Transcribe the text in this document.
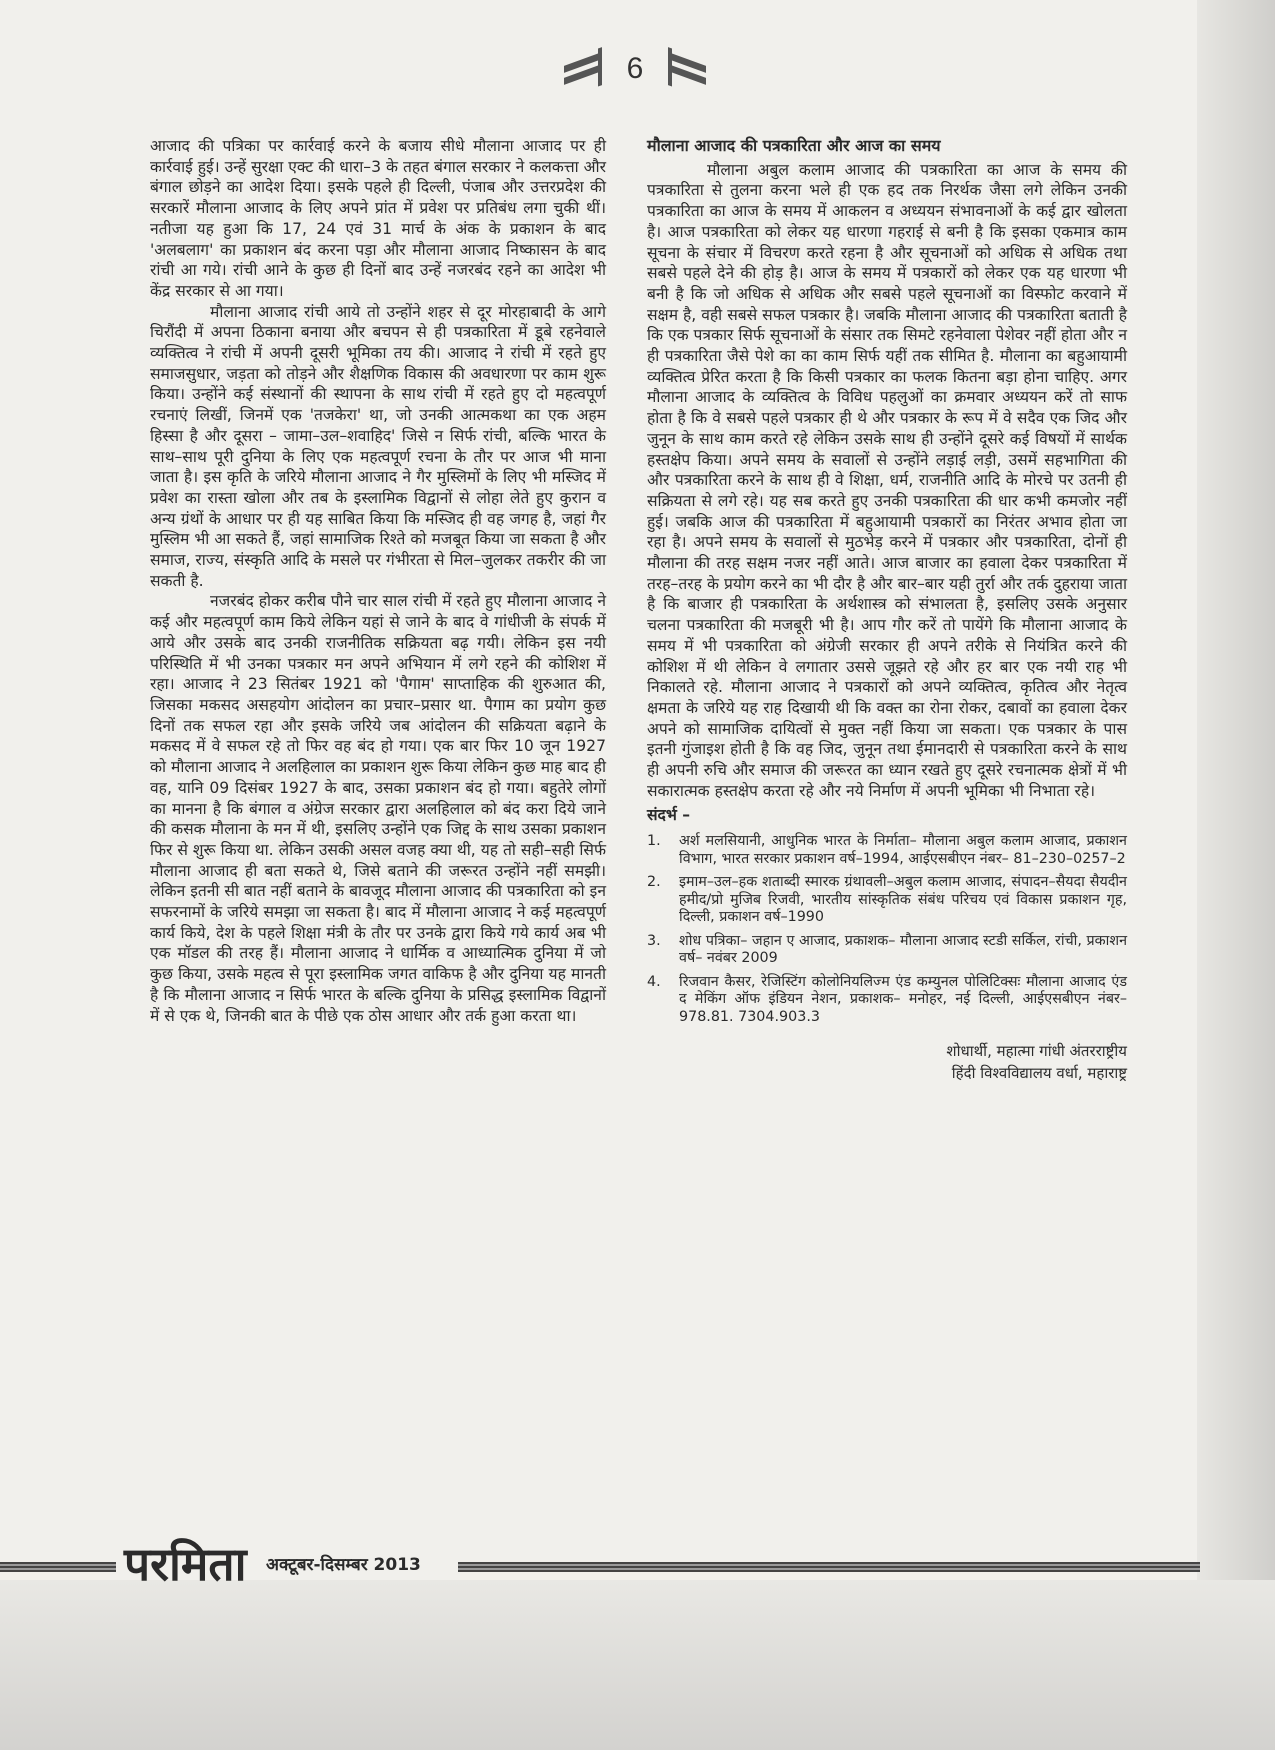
6

आजाद की पत्रिका पर कार्रवाई करने के बजाय सीधे मौलाना आजाद पर ही कार्रवाई हुई। उन्हें सुरक्षा एक्ट की धारा–3 के तहत बंगाल सरकार ने कलकत्ता और बंगाल छोड़ने का आदेश दिया। इसके पहले ही दिल्ली, पंजाब और उत्तरप्रदेश की सरकारें मौलाना आजाद के लिए अपने प्रांत में प्रवेश पर प्रतिबंध लगा चुकी थीं। नतीजा यह हुआ कि 17, 24 एवं 31 मार्च के अंक के प्रकाशन के बाद 'अलबलाग' का प्रकाशन बंद करना पड़ा और मौलाना आजाद निष्कासन के बाद रांची आ गये। रांची आने के कुछ ही दिनों बाद उन्हें नजरबंद रहने का आदेश भी केंद्र सरकार से आ गया।

मौलाना आजाद रांची आये तो उन्होंने शहर से दूर मोरहाबादी के आगे चिरौंदी में अपना ठिकाना बनाया और बचपन से ही पत्रकारिता में डूबे रहनेवाले व्यक्तित्व ने रांची में अपनी दूसरी भूमिका तय की। आजाद ने रांची में रहते हुए समाजसुधार, जड़ता को तोड़ने और शैक्षणिक विकास की अवधारणा पर काम शुरू किया। उन्होंने कई संस्थानों की स्थापना के साथ रांची में रहते हुए दो महत्वपूर्ण रचनाएं लिखीं, जिनमें एक 'तजकेरा' था, जो उनकी आत्मकथा का एक अहम हिस्सा है और दूसरा – जामा–उल–शवाहिद' जिसे न सिर्फ रांची, बल्कि भारत के साथ–साथ पूरी दुनिया के लिए एक महत्वपूर्ण रचना के तौर पर आज भी माना जाता है। इस कृति के जरिये मौलाना आजाद ने गैर मुस्लिमों के लिए भी मस्जिद में प्रवेश का रास्ता खोला और तब के इस्लामिक विद्वानों से लोहा लेते हुए कुरान व अन्य ग्रंथों के आधार पर ही यह साबित किया कि मस्जिद ही वह जगह है, जहां गैर मुस्लिम भी आ सकते हैं, जहां सामाजिक रिश्ते को मजबूत किया जा सकता है और समाज, राज्य, संस्कृति आदि के मसले पर गंभीरता से मिल–जुलकर तकरीर की जा सकती है.

नजरबंद होकर करीब पौने चार साल रांची में रहते हुए मौलाना आजाद ने कई और महत्वपूर्ण काम किये लेकिन यहां से जाने के बाद वे गांधीजी के संपर्क में आये और उसके बाद उनकी राजनीतिक सक्रियता बढ़ गयी। लेकिन इस नयी परिस्थिति में भी उनका पत्रकार मन अपने अभियान में लगे रहने की कोशिश में रहा। आजाद ने 23 सितंबर 1921 को 'पैगाम' साप्ताहिक की शुरुआत की, जिसका मकसद असहयोग आंदोलन का प्रचार–प्रसार था. पैगाम का प्रयोग कुछ दिनों तक सफल रहा और इसके जरिये जब आंदोलन की सक्रियता बढ़ाने के मकसद में वे सफल रहे तो फिर वह बंद हो गया। एक बार फिर 10 जून 1927 को मौलाना आजाद ने अलहिलाल का प्रकाशन शुरू किया लेकिन कुछ माह बाद ही वह, यानि 09 दिसंबर 1927 के बाद, उसका प्रकाशन बंद हो गया। बहुतेरे लोगों का मानना है कि बंगाल व अंग्रेज सरकार द्वारा अलहिलाल को बंद करा दिये जाने की कसक मौलाना के मन में थी, इसलिए उन्होंने एक जिद्द के साथ उसका प्रकाशन फिर से शुरू किया था. लेकिन उसकी असल वजह क्या थी, यह तो सही–सही सिर्फ मौलाना आजाद ही बता सकते थे, जिसे बताने की जरूरत उन्होंने नहीं समझी। लेकिन इतनी सी बात नहीं बताने के बावजूद मौलाना आजाद की पत्रकारिता को इन सफरनामों के जरिये समझा जा सकता है। बाद में मौलाना आजाद ने कई महत्वपूर्ण कार्य किये, देश के पहले शिक्षा मंत्री के तौर पर उनके द्वारा किये गये कार्य अब भी एक मॉडल की तरह हैं। मौलाना आजाद ने धार्मिक व आध्यात्मिक दुनिया में जो कुछ किया, उसके महत्व से पूरा इस्लामिक जगत वाकिफ है और दुनिया यह मानती है कि मौलाना आजाद न सिर्फ भारत के बल्कि दुनिया के प्रसिद्ध इस्लामिक विद्वानों में से एक थे, जिनकी बात के पीछे एक ठोस आधार और तर्क हुआ करता था।

मौलाना आजाद की पत्रकारिता और आज का समय

मौलाना अबुल कलाम आजाद की पत्रकारिता का आज के समय की पत्रकारिता से तुलना करना भले ही एक हद तक निरर्थक जैसा लगे लेकिन उनकी पत्रकारिता का आज के समय में आकलन व अध्ययन संभावनाओं के कई द्वार खोलता है। आज पत्रकारिता को लेकर यह धारणा गहराई से बनी है कि इसका एकमात्र काम सूचना के संचार में विचरण करते रहना है और सूचनाओं को अधिक से अधिक तथा सबसे पहले देने की होड़ है। आज के समय में पत्रकारों को लेकर एक यह धारणा भी बनी है कि जो अधिक से अधिक और सबसे पहले सूचनाओं का विस्फोट करवाने में सक्षम है, वही सबसे सफल पत्रकार है। जबकि मौलाना आजाद की पत्रकारिता बताती है कि एक पत्रकार सिर्फ सूचनाओं के संसार तक सिमटे रहनेवाला पेशेवर नहीं होता और न ही पत्रकारिता जैसे पेशे का का काम सिर्फ यहीं तक सीमित है. मौलाना का बहुआयामी व्यक्तित्व प्रेरित करता है कि किसी पत्रकार का फलक कितना बड़ा होना चाहिए. अगर मौलाना आजाद के व्यक्तित्व के विविध पहलुओं का क्रमवार अध्ययन करें तो साफ होता है कि वे सबसे पहले पत्रकार ही थे और पत्रकार के रूप में वे सदैव एक जिद और जुनून के साथ काम करते रहे लेकिन उसके साथ ही उन्होंने दूसरे कई विषयों में सार्थक हस्तक्षेप किया। अपने समय के सवालों से उन्होंने लड़ाई लड़ी, उसमें सहभागिता की और पत्रकारिता करने के साथ ही वे शिक्षा, धर्म, राजनीति आदि के मोरचे पर उतनी ही सक्रियता से लगे रहे। यह सब करते हुए उनकी पत्रकारिता की धार कभी कमजोर नहीं हुई। जबकि आज की पत्रकारिता में बहुआयामी पत्रकारों का निरंतर अभाव होता जा रहा है। अपने समय के सवालों से मुठभेड़ करने में पत्रकार और पत्रकारिता, दोनों ही मौलाना की तरह सक्षम नजर नहीं आते। आज बाजार का हवाला देकर पत्रकारिता में तरह–तरह के प्रयोग करने का भी दौर है और बार–बार यही तुर्रा और तर्क दुहराया जाता है कि बाजार ही पत्रकारिता के अर्थशास्त्र को संभालता है, इसलिए उसके अनुसार चलना पत्रकारिता की मजबूरी भी है। आप गौर करें तो पायेंगे कि मौलाना आजाद के समय में भी पत्रकारिता को अंग्रेजी सरकार ही अपने तरीके से नियंत्रित करने की कोशिश में थी लेकिन वे लगातार उससे जूझते रहे और हर बार एक नयी राह भी निकालते रहे. मौलाना आजाद ने पत्रकारों को अपने व्यक्तित्व, कृतित्व और नेतृत्व क्षमता के जरिये यह राह दिखायी थी कि वक्त का रोना रोकर, दबावों का हवाला देकर अपने को सामाजिक दायित्वों से मुक्त नहीं किया जा सकता। एक पत्रकार के पास इतनी गुंजाइश होती है कि वह जिद, जुनून तथा ईमानदारी से पत्रकारिता करने के साथ ही अपनी रुचि और समाज की जरूरत का ध्यान रखते हुए दूसरे रचनात्मक क्षेत्रों में भी सकारात्मक हस्तक्षेप करता रहे और नये निर्माण में अपनी भूमिका भी निभाता रहे।

संदर्भ –
1.	अर्श मलसियानी, आधुनिक भारत के निर्माता– मौलाना अबुल कलाम आजाद, प्रकाशन विभाग, भारत सरकार प्रकाशन वर्ष–1994, आईएसबीएन नंबर– 81–230–0257–2
2.	इमाम–उल–हक शताब्दी स्मारक ग्रंथावली–अबुल कलाम आजाद, संपादन–सैयदा सैयदीन हमीद/प्रो मुजिब रिजवी, भारतीय सांस्कृतिक संबंध परिचय एवं विकास प्रकाशन गृह, दिल्ली, प्रकाशन वर्ष–1990
3.	शोध पत्रिका– जहान ए आजाद, प्रकाशक– मौलाना आजाद स्टडी सर्किल, रांची, प्रकाशन वर्ष– नवंबर 2009
4.	रिजवान कैसर, रेजिस्टिंग कोलोनियलिज्म एंड कम्युनल पोलिटिक्सः मौलाना आजाद एंड द मेकिंग ऑफ इंडियन नेशन, प्रकाशक– मनोहर, नई दिल्ली, आईएसबीएन नंबर– 978.81. 7304.903.3
शोधार्थी, महात्मा गांधी अंतरराष्ट्रीय
हिंदी विश्वविद्यालय वर्धा, महाराष्ट्र
परमिता अक्टूबर-दिसम्बर 2013
